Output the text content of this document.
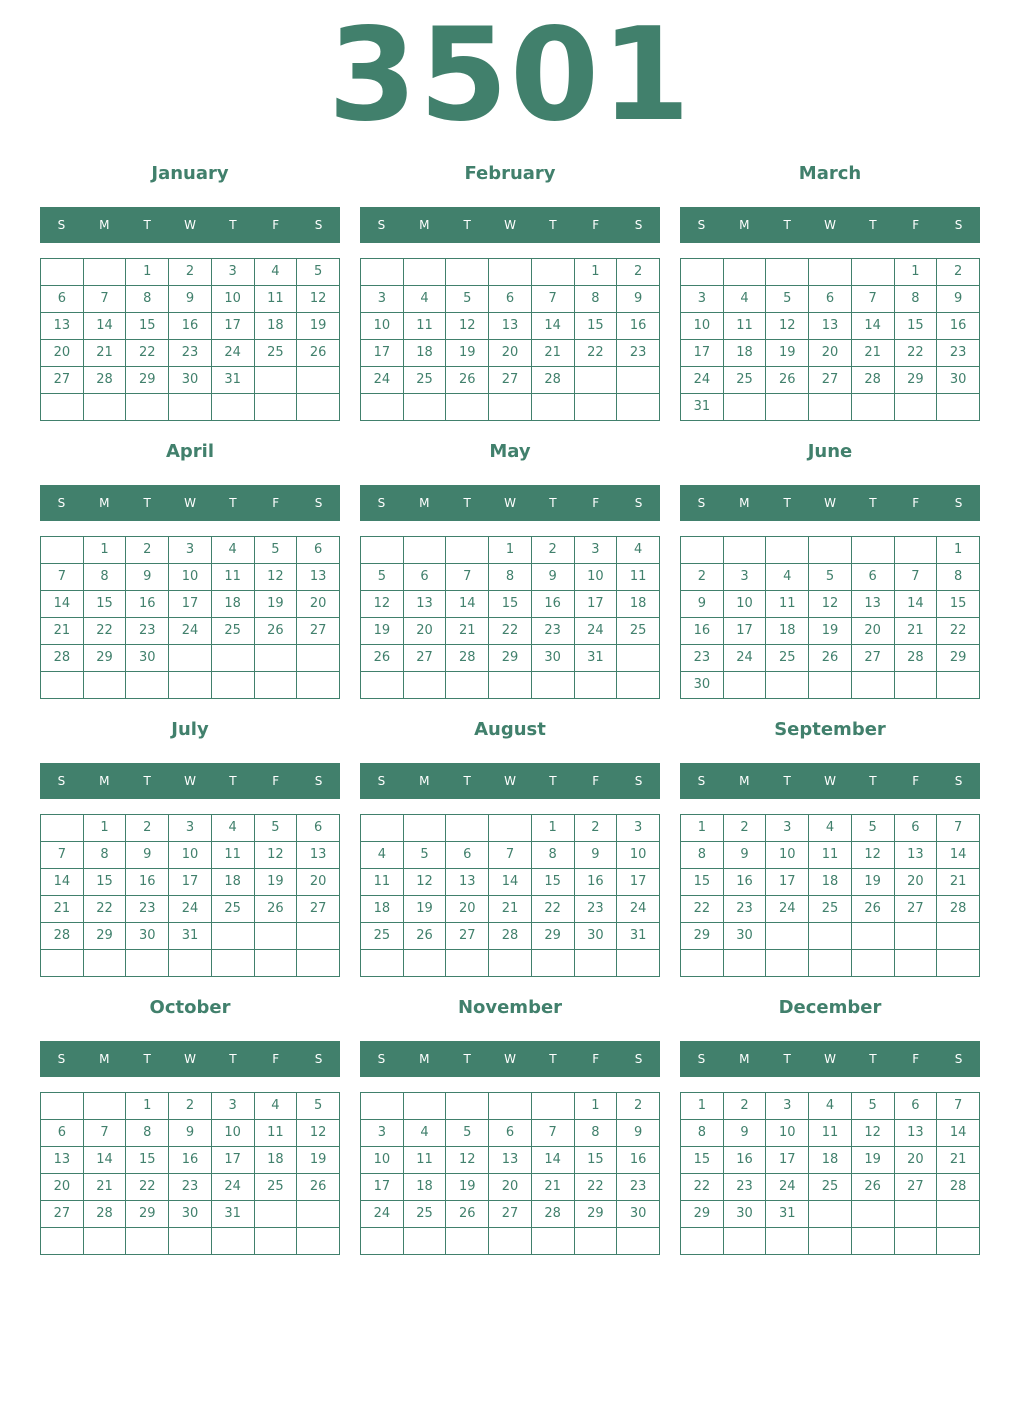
3501
January
S	M	T	W	T	F	S
		1	2	3	4	5
6	7	8	9	10	11	12
13	14	15	16	17	18	19
20	21	22	23	24	25	26
27	28	29	30	31		

February
S	M	T	W	T	F	S
					1	2
3	4	5	6	7	8	9
10	11	12	13	14	15	16
17	18	19	20	21	22	23
24	25	26	27	28		

March
S	M	T	W	T	F	S
					1	2
3	4	5	6	7	8	9
10	11	12	13	14	15	16
17	18	19	20	21	22	23
24	25	26	27	28	29	30
31						
April
S	M	T	W	T	F	S
	1	2	3	4	5	6
7	8	9	10	11	12	13
14	15	16	17	18	19	20
21	22	23	24	25	26	27
28	29	30				

May
S	M	T	W	T	F	S
			1	2	3	4
5	6	7	8	9	10	11
12	13	14	15	16	17	18
19	20	21	22	23	24	25
26	27	28	29	30	31	

June
S	M	T	W	T	F	S
						1
2	3	4	5	6	7	8
9	10	11	12	13	14	15
16	17	18	19	20	21	22
23	24	25	26	27	28	29
30						
July
S	M	T	W	T	F	S
	1	2	3	4	5	6
7	8	9	10	11	12	13
14	15	16	17	18	19	20
21	22	23	24	25	26	27
28	29	30	31			

August
S	M	T	W	T	F	S
				1	2	3
4	5	6	7	8	9	10
11	12	13	14	15	16	17
18	19	20	21	22	23	24
25	26	27	28	29	30	31

September
S	M	T	W	T	F	S
1	2	3	4	5	6	7
8	9	10	11	12	13	14
15	16	17	18	19	20	21
22	23	24	25	26	27	28
29	30					

October
S	M	T	W	T	F	S
		1	2	3	4	5
6	7	8	9	10	11	12
13	14	15	16	17	18	19
20	21	22	23	24	25	26
27	28	29	30	31		

November
S	M	T	W	T	F	S
					1	2
3	4	5	6	7	8	9
10	11	12	13	14	15	16
17	18	19	20	21	22	23
24	25	26	27	28	29	30

December
S	M	T	W	T	F	S
1	2	3	4	5	6	7
8	9	10	11	12	13	14
15	16	17	18	19	20	21
22	23	24	25	26	27	28
29	30	31				
